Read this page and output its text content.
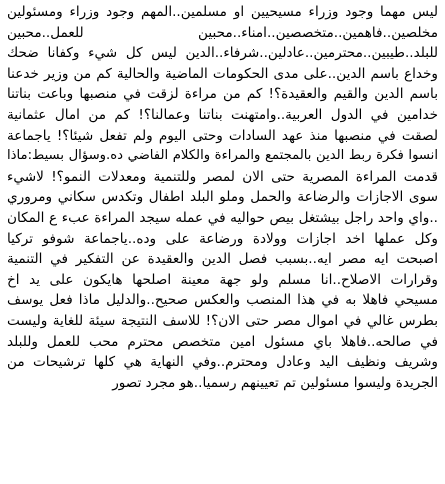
ليس مهما وجود وزراء مسيحيين او مسلمين..المهم وجود وزراء ومسئولين
مخلصين..فاهمين..متخصصين..امناء..محبين للعمل..محبين
للبلد..طيبين..محترمين..عادلين..شرفاء..الدين ليس كل شيء وكفانا ضحك
وخداع باسم الدين..على مدى الحكومات الماضية والحالية كم من وزير خدعنا
باسم الدين والقيم والعقيدة؟! كم من مراءة لزقت في منصبها وباعت بناتنا
خدامين في الدول العربية..وامتهنت بناتنا وعمالنا؟! كم من امال عثمانية
لصقت في منصبها منذ عهد السادات وحتى اليوم ولم تفعل شيئا؟! ياجماعة
انسوا فكرة ربط الدين بالمجتمع والمراءة والكلام الفاضي ده.وسؤال بسيط:ماذا
قدمت المراءة المصرية حتى الان لمصر وللتنمية ومعدلات النمو؟! لاشيء
سوى الاجازات والرضاعة والحمل وملو البلد اطفال وتكدس سكاني ومروري
..واي واحد راجل بيشتغل بيص حواليه في عمله سيجد المراءة عبء ع المكان
وكل عملها اخد اجازات وولادة ورضاعة على وده..ياجماعة شوفو تركيا
اصبحت ايه مصر ايه..بسبب فصل الدين والعقيدة عن التفكير في التنمية
وقرارات الاصلاح..انا مسلم ولو جهة معينة اصلحها هايكون على يد اخ
مسيحي فاهلا به في هذا المنصب والعكس صحيح..والدليل ماذا فعل يوسف
بطرس غالي في اموال مصر حتى الان؟! للاسف النتيجة سيئة للغاية وليست
في صالحه..فاهلا باي مسئول امين متخصص محترم محب للعمل وللبلد
وشريف ونظيف اليد وعادل ومحترم..وفي النهاية هي كلها ترشيحات من
الجريدة وليسوا مسئولين تم تعيينهم رسميا..هو مجرد تصور
